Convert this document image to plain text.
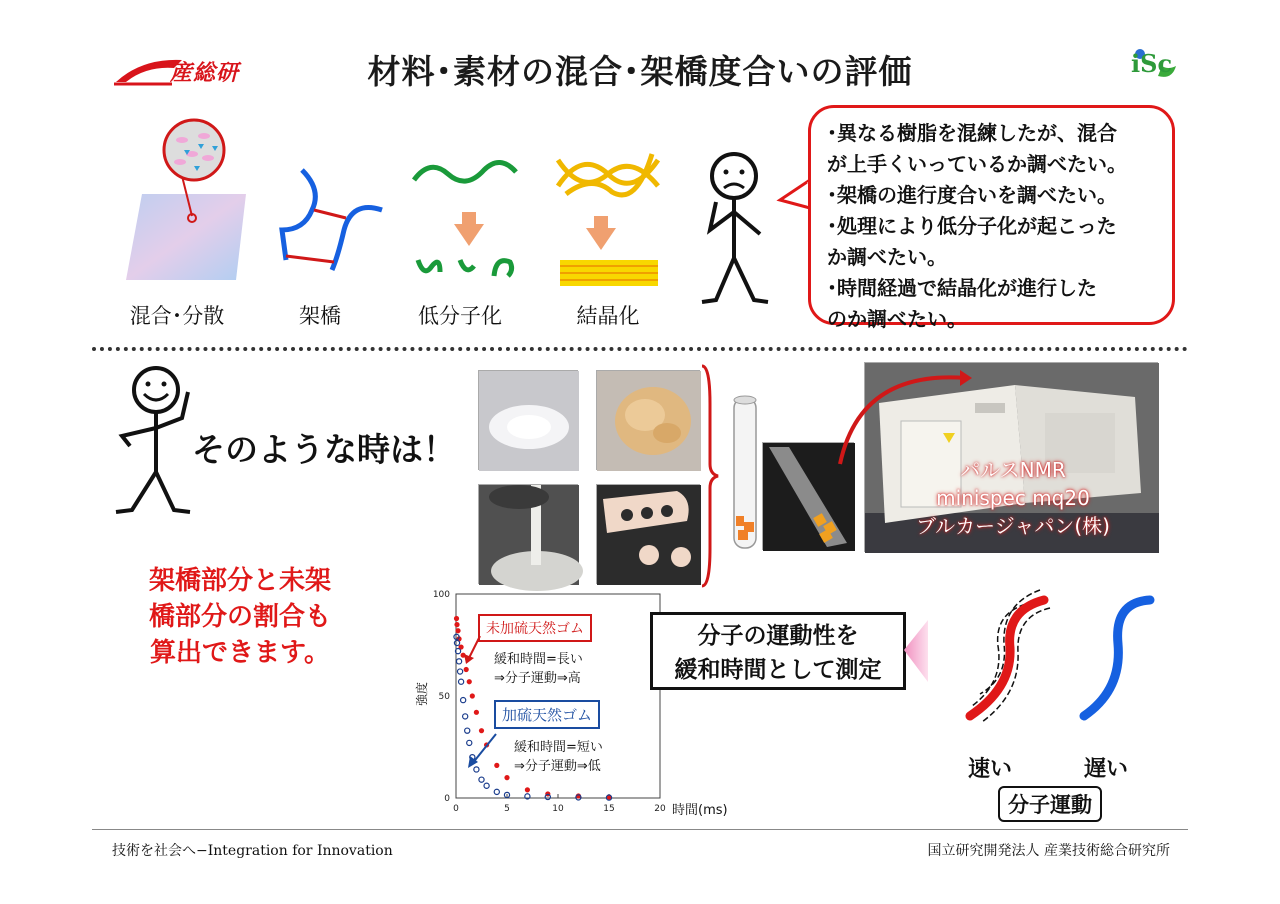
産総研	材料･素材の混合･架橋度合いの評価	iSc
混合･分散	架橋	低分子化	結晶化
･異なる樹脂を混練したが、混合
が上手くいっているか調べたい。
･架橋の進行度合いを調べたい。
･処理により低分子化が起こった
か調べたい。
･時間経過で結晶化が進行した
のか調べたい。
そのような時は！
架橋部分と未架
橋部分の割合も
算出できます。
パルスNMR
minispec mq20
ブルカージャパン(株)
0	5	10	15	20
0
50
100
強度
時間(ms)
未加硫天然ゴム
緩和時間=長い
⇒分子運動⇒高
加硫天然ゴム
緩和時間=短い
⇒分子運動⇒低
分子の運動性を
緩和時間として測定
速い	遅い
分子運動
技術を社会へ−Integration for Innovation	国立研究開発法人 産業技術総合研究所
